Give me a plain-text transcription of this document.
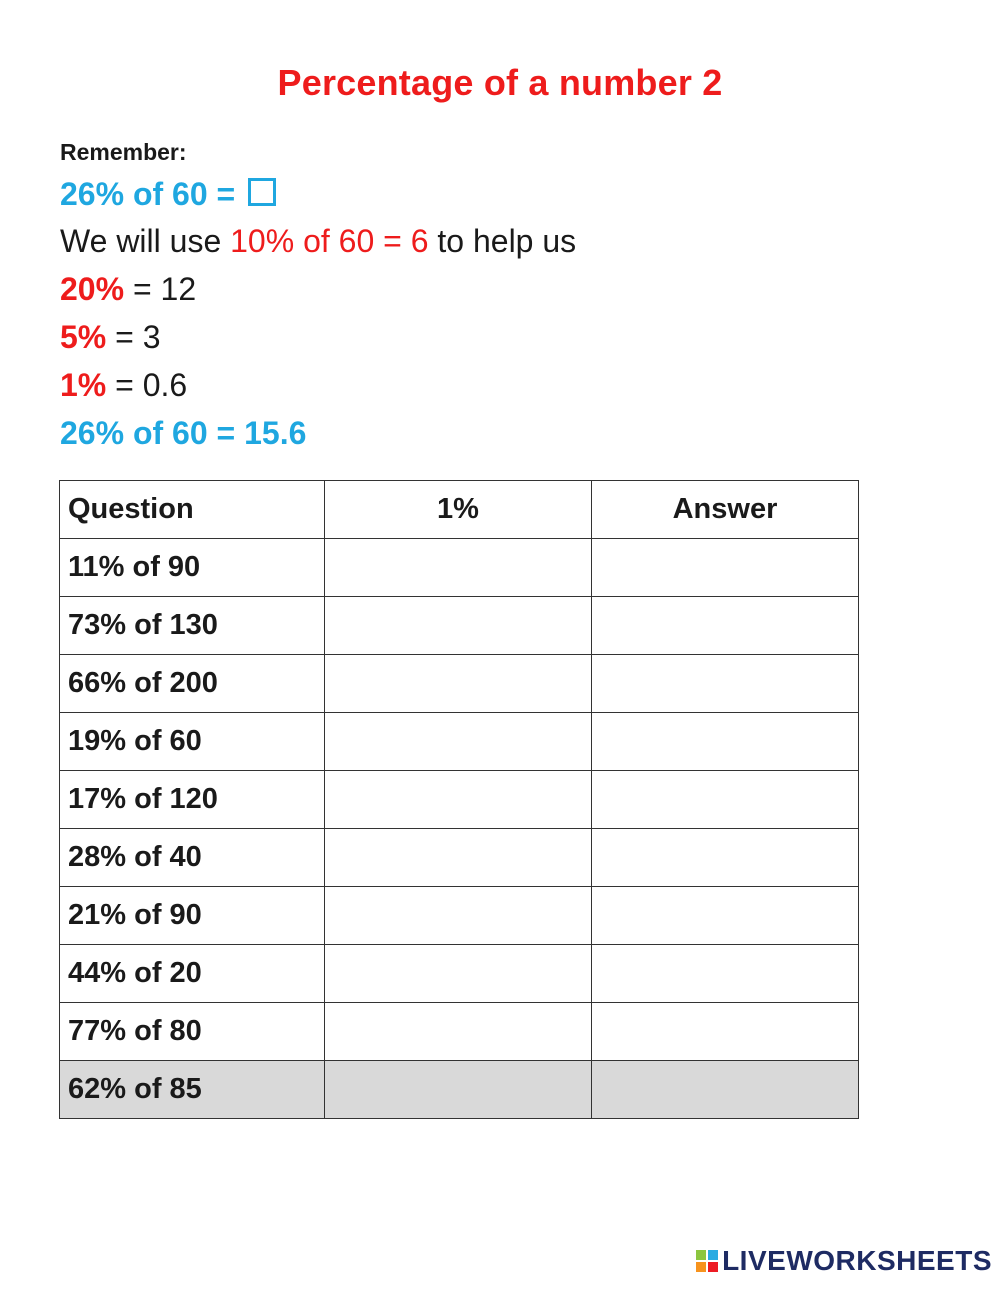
Percentage of a number 2
Remember:
26% of 60 =
We will use 10% of 60 = 6 to help us
20% = 12
5% = 3
1% = 0.6
26% of 60 = 15.6
Question	1%	Answer
11% of 90		
73% of 130		
66% of 200		
19% of 60		
17% of 120		
28% of 40		
21% of 90		
44% of 20		
77% of 80		
62% of 85		
LIVEWORKSHEETS
